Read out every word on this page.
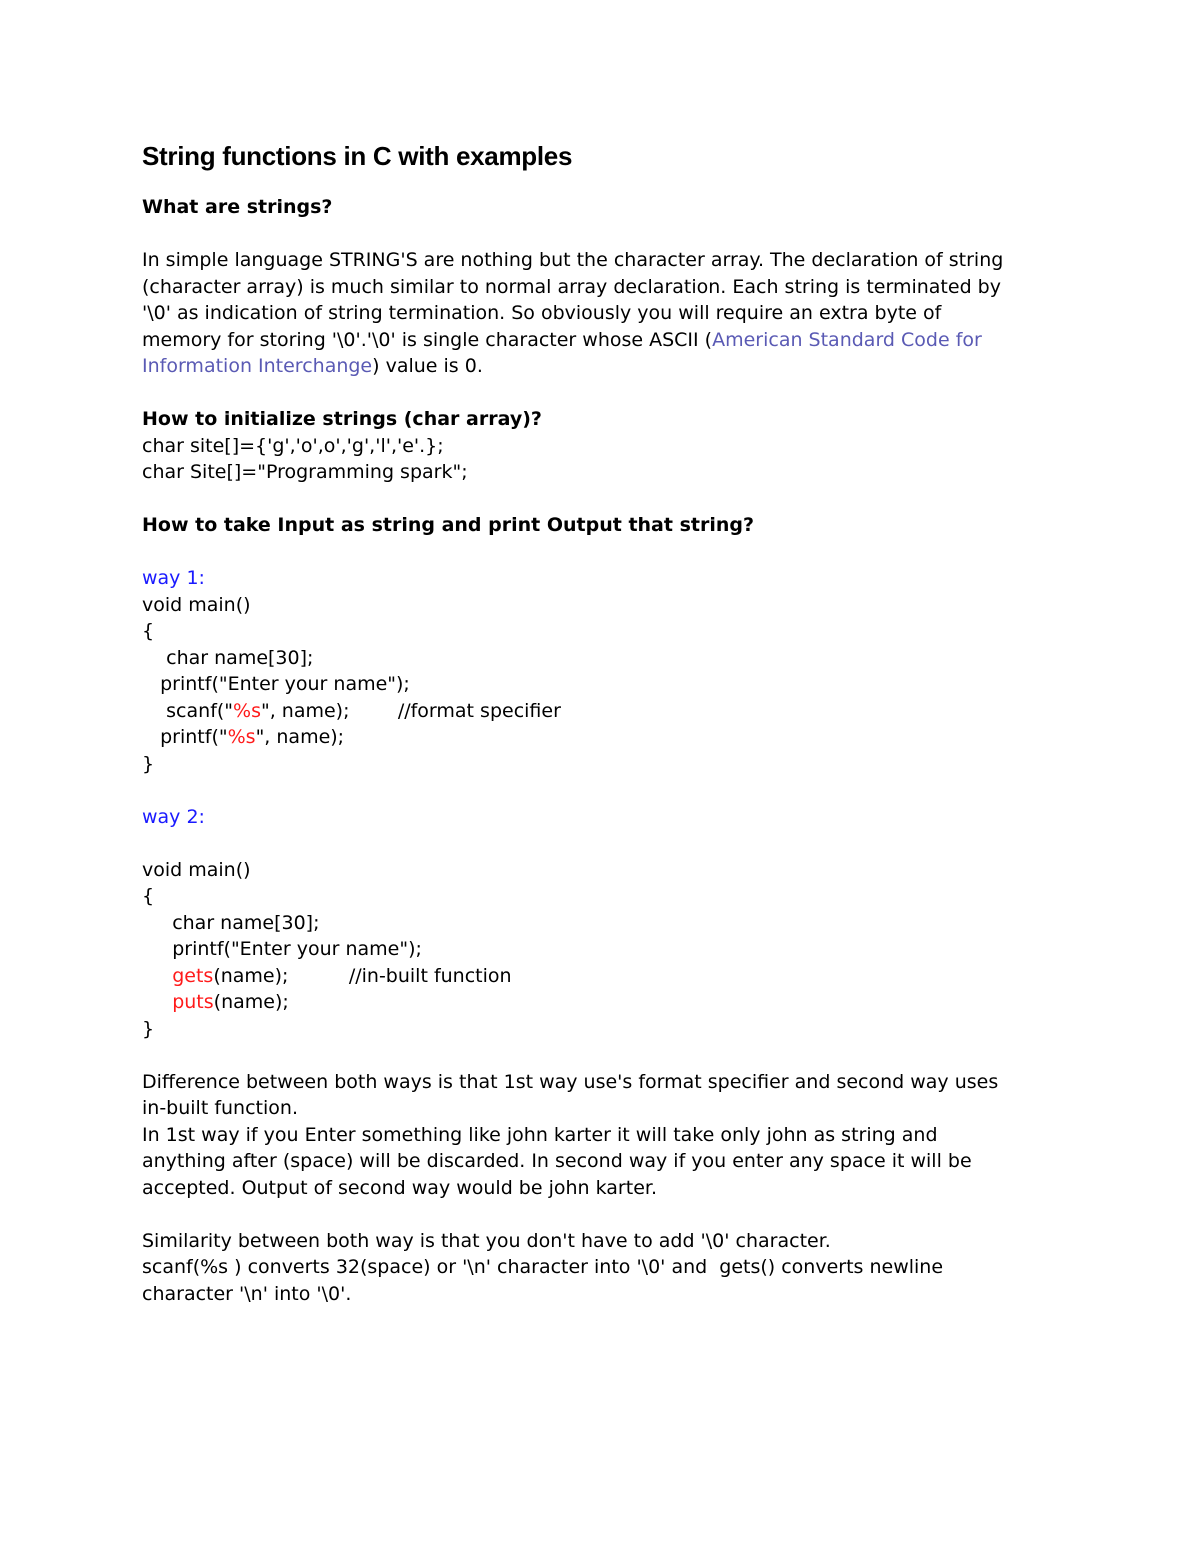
String functions in C with examples
What are strings?
In simple language STRING'S are nothing but the character array. The declaration of string
(character array) is much similar to normal array declaration. Each string is terminated by
'\0' as indication of string termination. So obviously you will require an extra byte of
memory for storing '\0'.'\0' is single character whose ASCII (American Standard Code for
Information Interchange) value is 0.
How to initialize strings (char array)?
char site[]={'g','o',o','g','l','e'.};
char Site[]="Programming spark";
How to take Input as string and print Output that string?
way 1:
void main()
{
char name[30];
printf("Enter your name");
scanf("%s", name);        //format specifier
printf("%s", name);
}
way 2:
void main()
{
char name[30];
printf("Enter your name");
gets(name);          //in-built function
puts(name);
}
Difference between both ways is that 1st way use's format specifier and second way uses
in-built function.
In 1st way if you Enter something like john karter it will take only john as string and
anything after (space) will be discarded. In second way if you enter any space it will be
accepted. Output of second way would be john karter.
Similarity between both way is that you don't have to add '\0' character.
scanf(%s ) converts 32(space) or '\n' character into '\0' and  gets() converts newline
character '\n' into '\0'.
